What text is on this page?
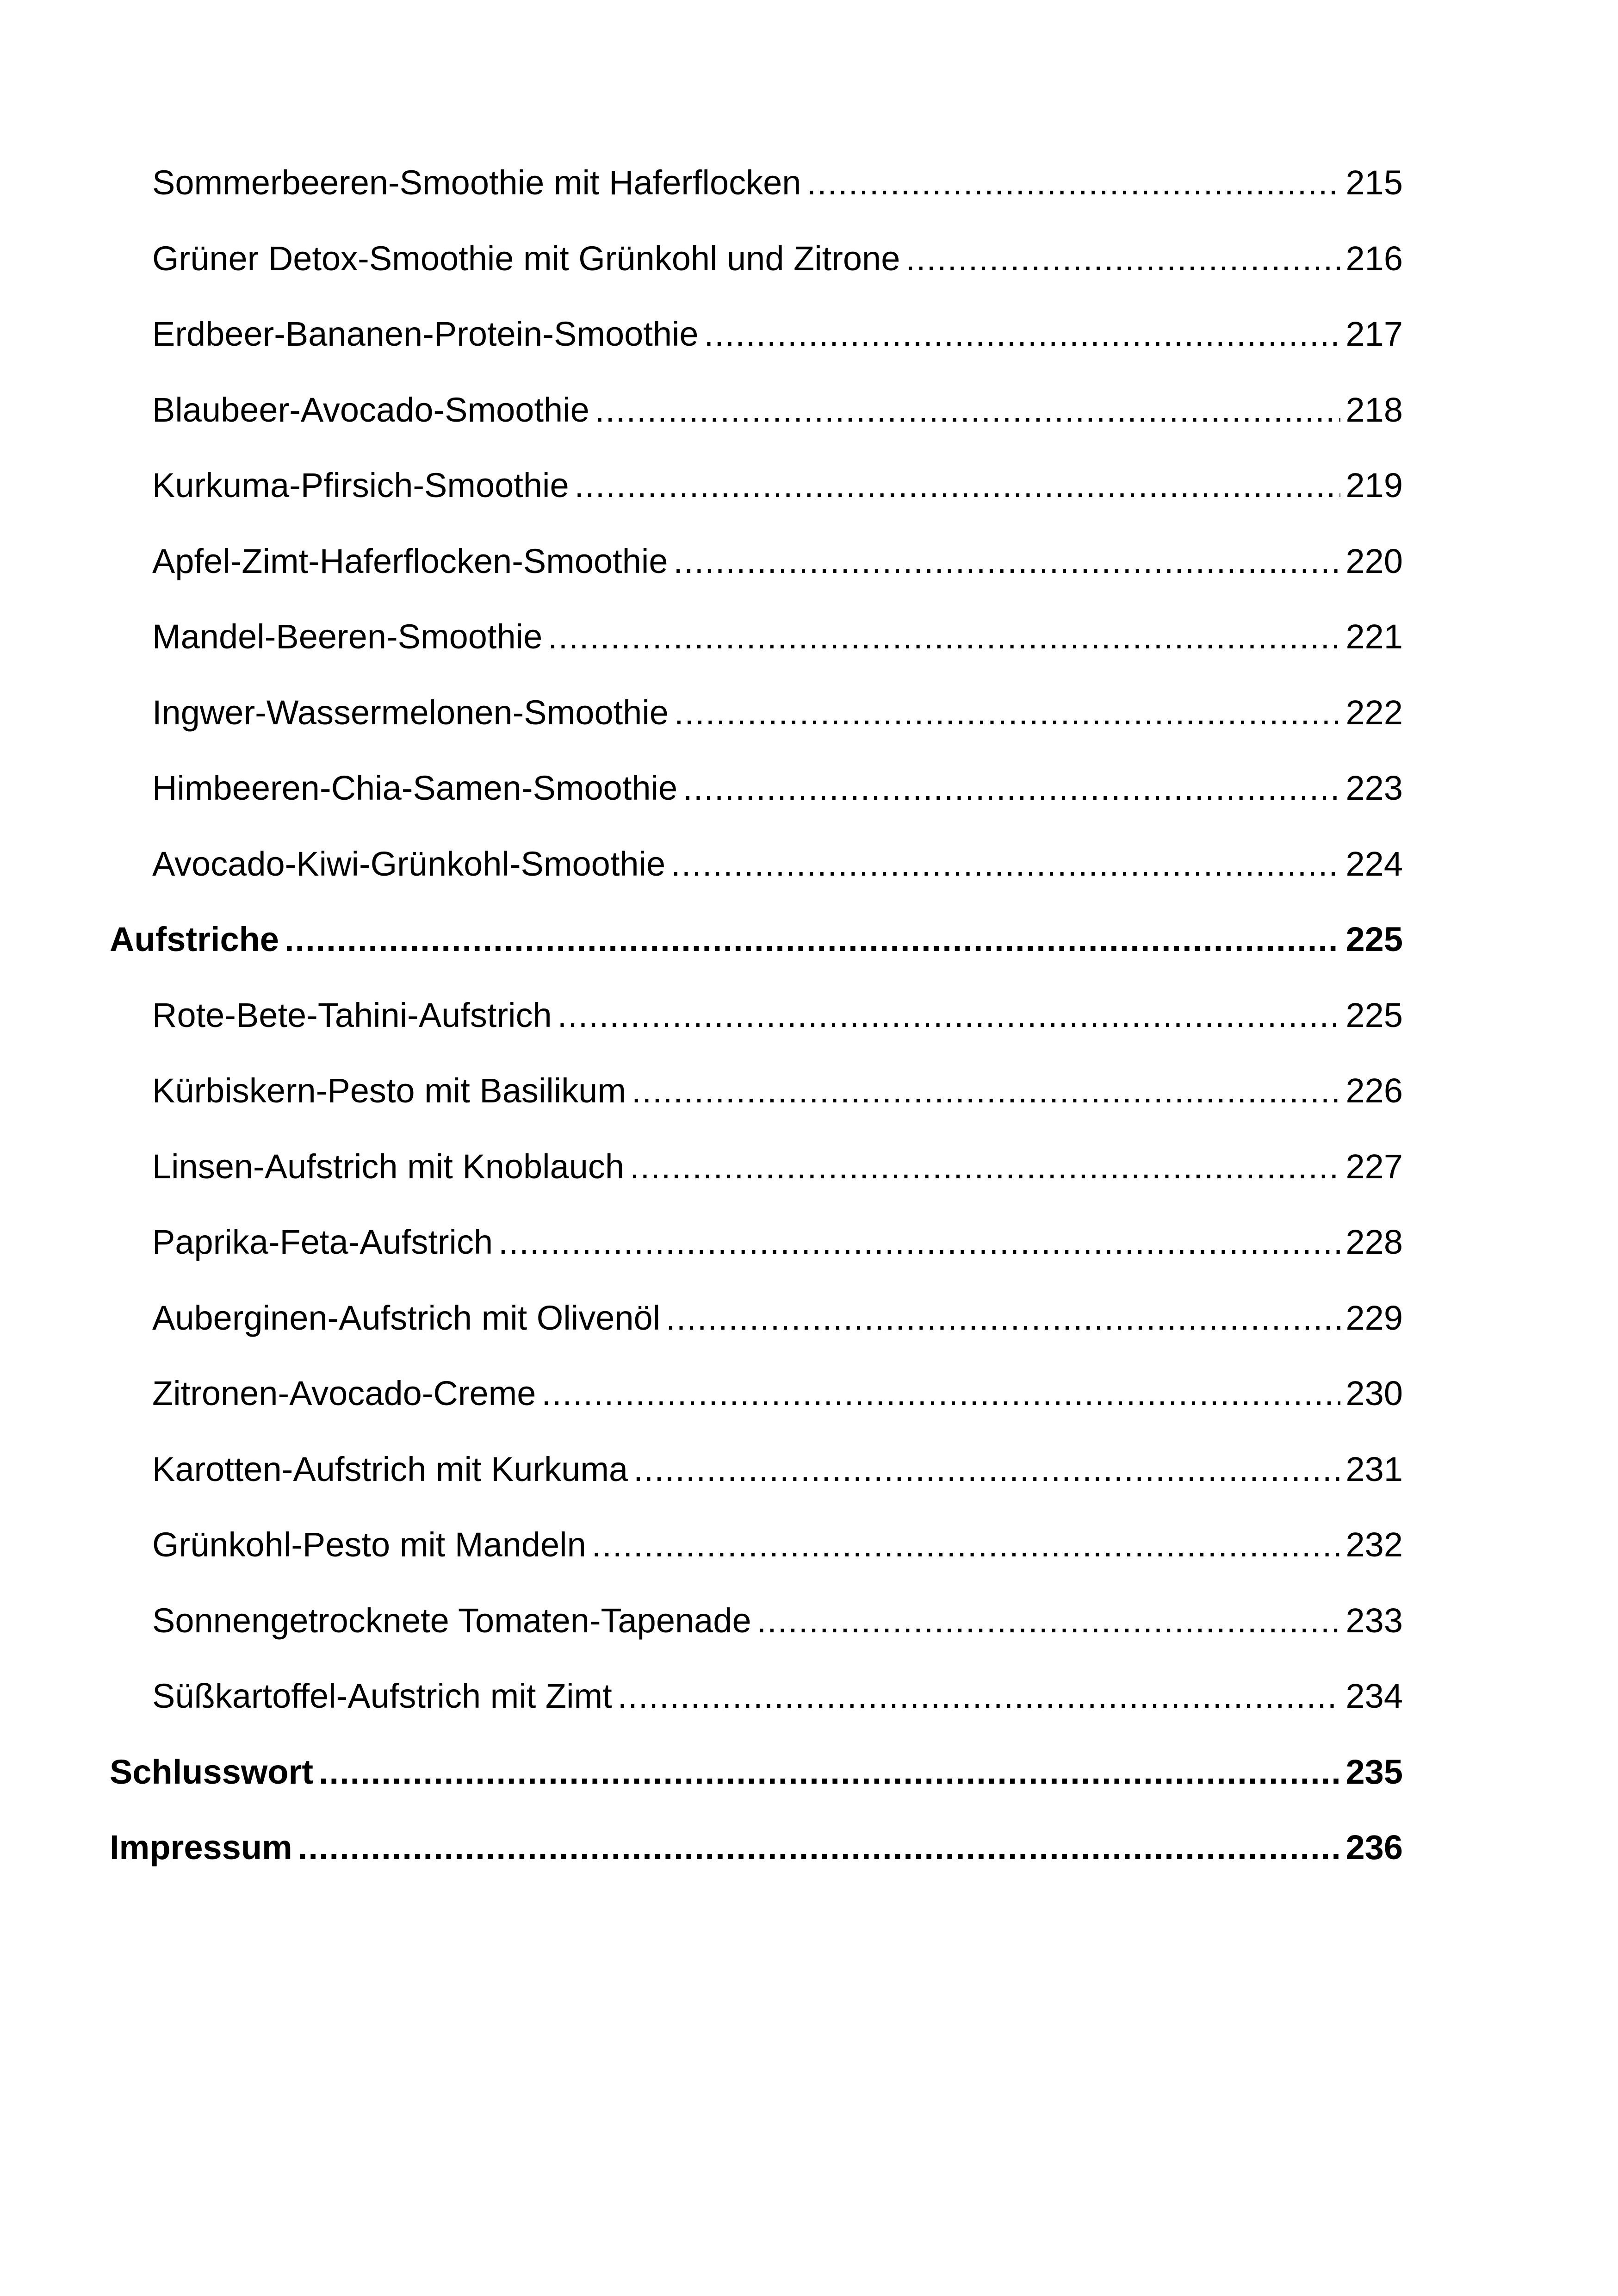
Sommerbeeren-Smoothie mit Haferflocken .....	215
Grüner Detox-Smoothie mit Grünkohl und Zitrone .....	216
Erdbeer-Bananen-Protein-Smoothie .....	217
Blaubeer-Avocado-Smoothie .....	218
Kurkuma-Pfirsich-Smoothie .....	219
Apfel-Zimt-Haferflocken-Smoothie .....	220
Mandel-Beeren-Smoothie .....	221
Ingwer-Wassermelonen-Smoothie .....	222
Himbeeren-Chia-Samen-Smoothie .....	223
Avocado-Kiwi-Grünkohl-Smoothie .....	224
Aufstriche .....	225
Rote-Bete-Tahini-Aufstrich .....	225
Kürbiskern-Pesto mit Basilikum .....	226
Linsen-Aufstrich mit Knoblauch .....	227
Paprika-Feta-Aufstrich .....	228
Auberginen-Aufstrich mit Olivenöl .....	229
Zitronen-Avocado-Creme .....	230
Karotten-Aufstrich mit Kurkuma .....	231
Grünkohl-Pesto mit Mandeln .....	232
Sonnengetrocknete Tomaten-Tapenade .....	233
Süßkartoffel-Aufstrich mit Zimt .....	234
Schlusswort .....	235
Impressum .....	236
